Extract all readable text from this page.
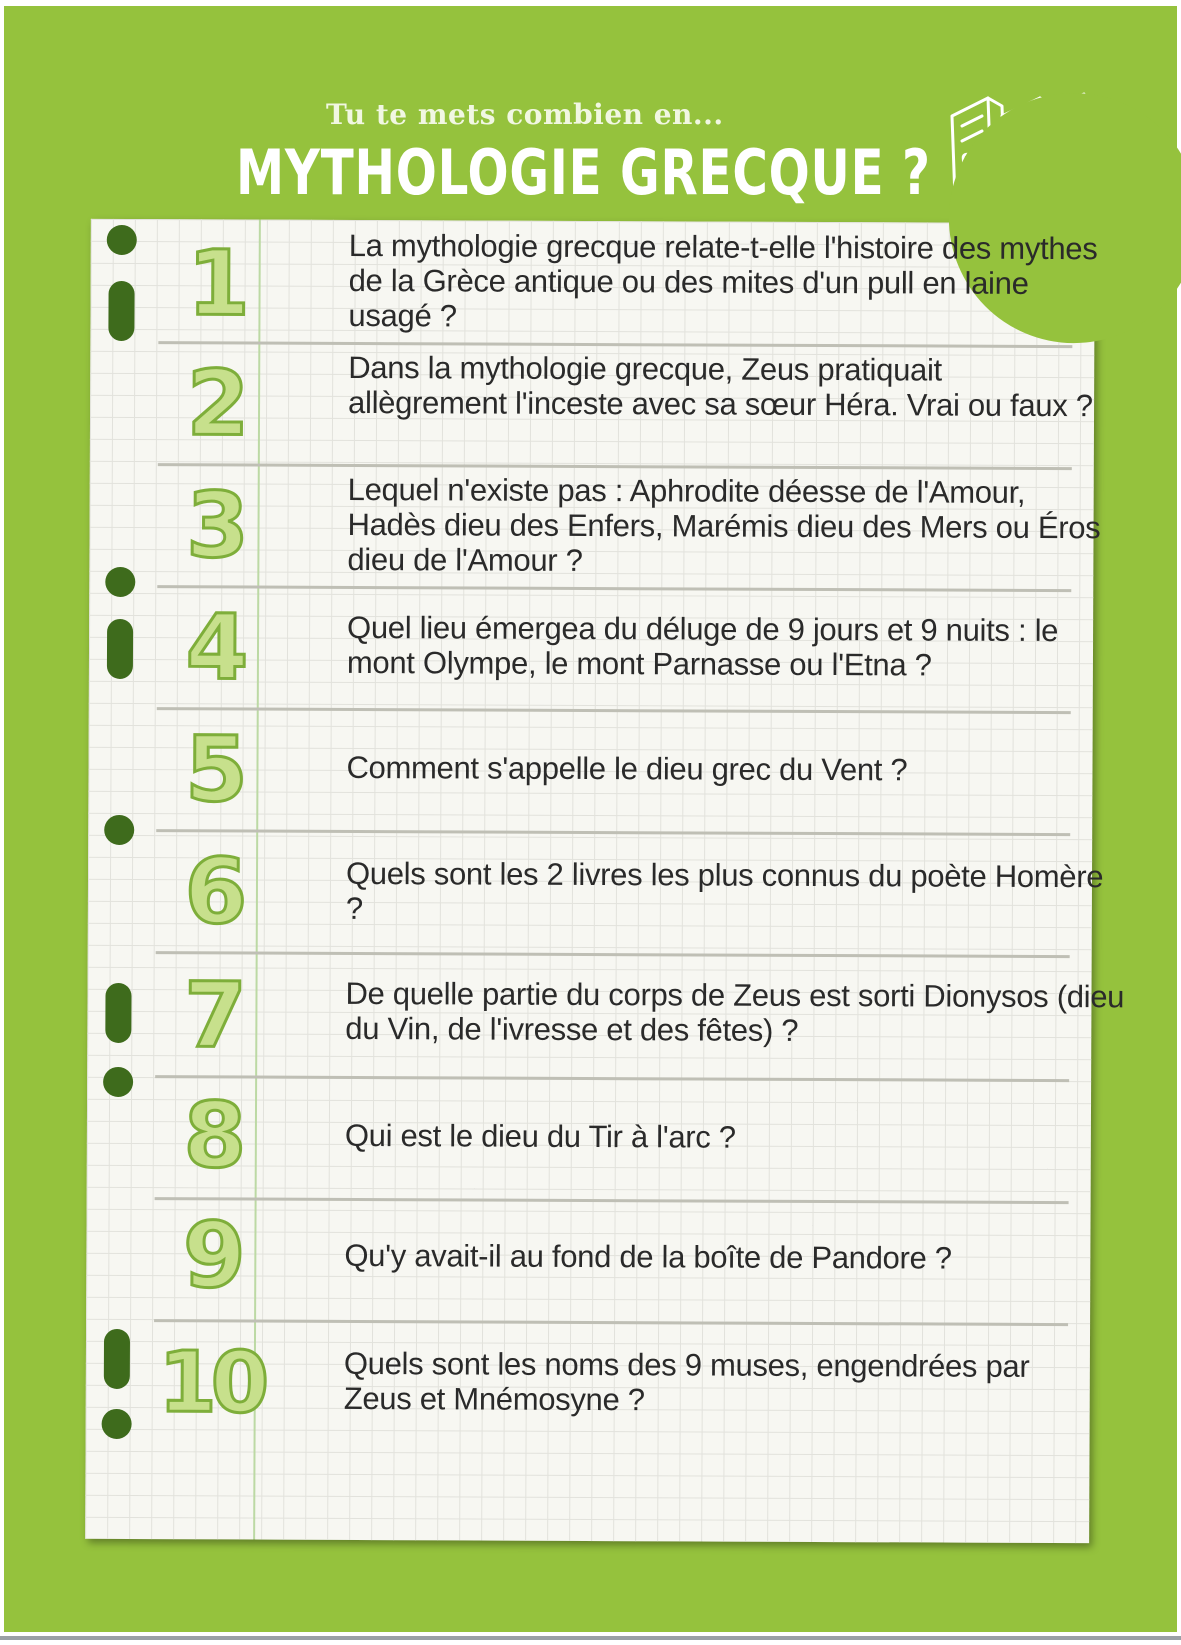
Tu te mets combien en...
MYTHOLOGIE GRECQUE ?
1	La mythologie grecque relate-t-elle l'histoire des mythes de la Grèce antique ou des mites d'un pull en laine usagé ?
2	Dans la mythologie grecque, Zeus pratiquait allègrement l'inceste avec sa sœur Héra. Vrai ou faux ?
3	Lequel n'existe pas : Aphrodite déesse de l'Amour, Hadès dieu des Enfers, Marémis dieu des Mers ou Éros dieu de l'Amour ?
4	Quel lieu émergea du déluge de 9 jours et 9 nuits : le mont Olympe, le mont Parnasse ou l'Etna ?
5	Comment s'appelle le dieu grec du Vent ?
6	Quels sont les 2 livres les plus connus du poète Homère ?
7	De quelle partie du corps de Zeus est sorti Dionysos (dieu du Vin, de l'ivresse et des fêtes) ?
8	Qui est le dieu du Tir à l'arc ?
9	Qu'y avait-il au fond de la boîte de Pandore ?
10	Quels sont les noms des 9 muses, engendrées par Zeus et Mnémosyne ?
